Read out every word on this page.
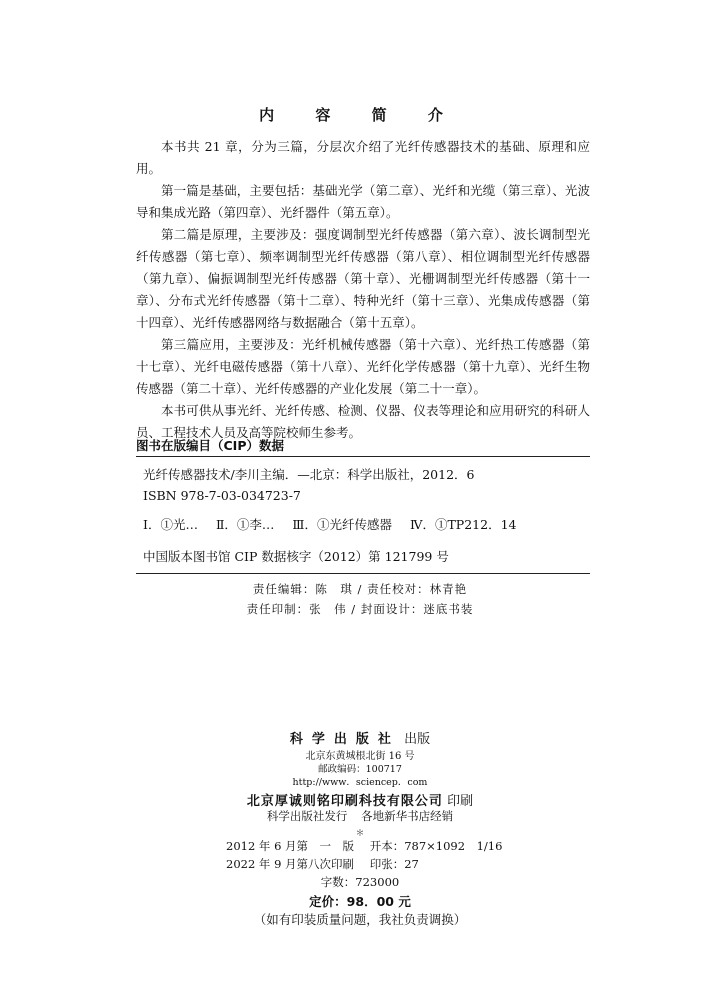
内 容 简 介

本书共 21 章，分为三篇，分层次介绍了光纤传感器技术的基础、原理和应用。

第一篇是基础，主要包括：基础光学（第二章）、光纤和光缆（第三章）、光波导和集成光路（第四章）、光纤器件（第五章）。

第二篇是原理，主要涉及：强度调制型光纤传感器（第六章）、波长调制型光纤传感器（第七章）、频率调制型光纤传感器（第八章）、相位调制型光纤传感器（第九章）、偏振调制型光纤传感器（第十章）、光栅调制型光纤传感器（第十一章）、分布式光纤传感器（第十二章）、特种光纤（第十三章）、光集成传感器（第十四章）、光纤传感器网络与数据融合（第十五章）。

第三篇应用，主要涉及：光纤机械传感器（第十六章）、光纤热工传感器（第十七章）、光纤电磁传感器（第十八章）、光纤化学传感器（第十九章）、光纤生物传感器（第二十章）、光纤传感器的产业化发展（第二十一章）。

本书可供从事光纤、光纤传感、检测、仪器、仪表等理论和应用研究的科研人员、工程技术人员及高等院校师生参考。

图书在版编目（CIP）数据
光纤传感器技术/李川主编．—北京：科学出版社，2012．6
ISBN 978-7-03-034723-7
Ⅰ．①光… Ⅱ．①李… Ⅲ．①光纤传感器 Ⅳ．①TP212．14
中国版本图书馆 CIP 数据核字（2012）第 121799 号
责任编辑：陈　琪 / 责任校对：林青艳
责任印制：张　伟 / 封面设计：迷底书装
科学出版社 出版
北京东黄城根北街 16 号
邮政编码：100717
http://www．sciencep．com
北京厚诚则铭印刷科技有限公司 印刷
科学出版社发行 各地新华书店经销
＊
2012 年 6 月第　一　版 开本：787×1092　1/16
2022 年 9 月第八次印刷 印张：27
字数：723000
定价：98．00 元
（如有印装质量问题，我社负责调换）
